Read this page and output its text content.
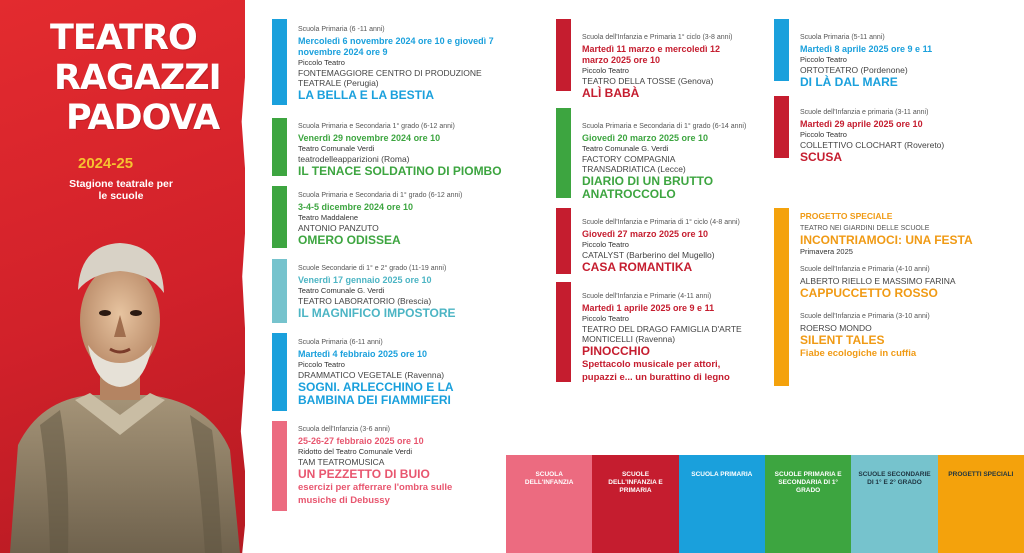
TEATRO
RAGAZZI
PADOVA
2024-25
Stagione teatrale per le scuole
Scuola Primaria (6 -11 anni)
Mercoledì 6 novembre 2024 ore 10 e giovedì 7 novembre 2024 ore 9
Piccolo Teatro
FONTEMAGGIORE CENTRO DI PRODUZIONE TEATRALE (Perugia)
LA BELLA E LA BESTIA
Scuola Primaria e Secondaria 1° grado (6-12 anni)
Venerdì 29 novembre 2024 ore 10
Teatro Comunale Verdi
teatrodelleapparizioni (Roma)
IL TENACE SOLDATINO DI PIOMBO
Scuola Primaria e Secondaria di 1° grado (6-12 anni)
3-4-5 dicembre 2024 ore 10
Teatro Maddalene
ANTONIO PANZUTO
OMERO ODISSEA
Scuole Secondarie di 1° e 2° grado (11-19 anni)
Venerdì 17 gennaio 2025 ore 10
Teatro Comunale G. Verdi
TEATRO LABORATORIO (Brescia)
IL MAGNIFICO IMPOSTORE
Scuola Primaria (6-11 anni)
Martedì 4 febbraio 2025 ore 10
Piccolo Teatro
DRAMMATICO VEGETALE (Ravenna)
SOGNI. ARLECCHINO E LA BAMBINA DEI FIAMMIFERI
Scuola dell'Infanzia (3-6 anni)
25-26-27 febbraio 2025 ore 10
Ridotto del Teatro Comunale Verdi
TAM TEATROMUSICA
UN PEZZETTO DI BUIO
esercizi per afferrare l'ombra sulle musiche di Debussy
Scuola dell'Infanzia e Primaria 1° ciclo (3-8 anni)
Martedì 11 marzo e mercoledì 12 marzo 2025 ore 10
Piccolo Teatro
TEATRO DELLA TOSSE (Genova)
ALÌ BABÀ
Scuola Primaria e Secondaria di 1° grado (6-14 anni)
Giovedì 20 marzo 2025 ore 10
Teatro Comunale G. Verdi
FACTORY COMPAGNIA TRANSADRIATICA (Lecce)
DIARIO DI UN BRUTTO ANATROCCOLO
Scuole dell'Infanzia e Primaria di 1° ciclo (4-8 anni)
Giovedì 27 marzo 2025 ore 10
Piccolo Teatro
CATALYST (Barberino del Mugello)
CASA ROMANTIKA
Scuole dell'Infanzia e Primarie (4-11 anni)
Martedì 1 aprile 2025 ore 9 e 11
Piccolo Teatro
TEATRO DEL DRAGO FAMIGLIA D'ARTE MONTICELLI (Ravenna)
PINOCCHIO
Spettacolo musicale per attori, pupazzi e... un burattino di legno
Scuola Primaria (5-11 anni)
Martedì 8 aprile 2025 ore 9 e 11
Piccolo Teatro
ORTOTEATRO (Pordenone)
DI LÀ DAL MARE
Scuole dell'Infanzia e primaria (3-11 anni)
Martedì 29 aprile 2025 ore 10
Piccolo Teatro
COLLETTIVO CLOCHART (Rovereto)
SCUSA
PROGETTO SPECIALE
TEATRO NEI GIARDINI DELLE SCUOLE
INCONTRIAMOCI: UNA FESTA
Primavera 2025
Scuole dell'Infanzia e Primaria (4-10 anni)
ALBERTO RIELLO E MASSIMO FARINA
CAPPUCCETTO ROSSO
Scuole dell'Infanzia e Primaria (3-10 anni)
ROERSO MONDO
SILENT TALES
Fiabe ecologiche in cuffia
SCUOLA DELL'INFANZIA
SCUOLE DELL'INFANZIA E PRIMARIA
SCUOLA PRIMARIA	SCUOLE PRIMARIA E SECONDARIA DI 1° GRADO
SCUOLE SECONDARIE DI 1° E 2° GRADO
PROGETTI SPECIALI
